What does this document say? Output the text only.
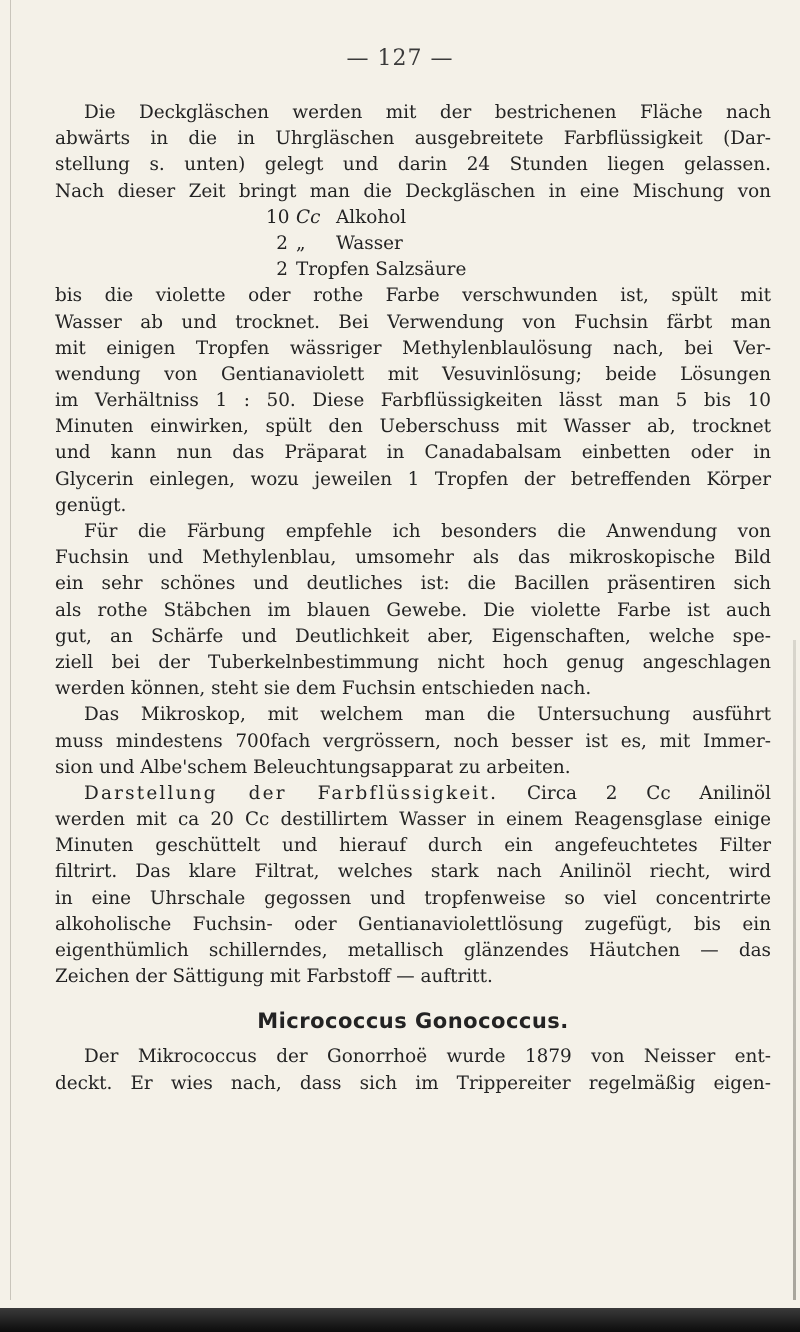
— 127 —
Die Deckgläschen werden mit der bestrichenen Fläche nach
abwärts in die in Uhrgläschen ausgebreitete Farbflüssigkeit (Dar-
stellung s. unten) gelegt und darin 24 Stunden liegen gelassen.
Nach dieser Zeit bringt man die Deckgläschen in eine Mischung von
10 Cc Alkohol
2 „ Wasser
2 Tropfen Salzsäure
bis die violette oder rothe Farbe verschwunden ist, spült mit
Wasser ab und trocknet. Bei Verwendung von Fuchsin färbt man
mit einigen Tropfen wässriger Methylenblaulösung nach, bei Ver-
wendung von Gentianaviolett mit Vesuvinlösung; beide Lösungen
im Verhältniss 1 : 50. Diese Farbflüssigkeiten lässt man 5 bis 10
Minuten einwirken, spült den Ueberschuss mit Wasser ab, trocknet
und kann nun das Präparat in Canadabalsam einbetten oder in
Glycerin einlegen, wozu jeweilen 1 Tropfen der betreffenden Körper
genügt.
Für die Färbung empfehle ich besonders die Anwendung von
Fuchsin und Methylenblau, umsomehr als das mikroskopische Bild
ein sehr schönes und deutliches ist: die Bacillen präsentiren sich
als rothe Stäbchen im blauen Gewebe. Die violette Farbe ist auch
gut, an Schärfe und Deutlichkeit aber, Eigenschaften, welche spe-
ziell bei der Tuberkelnbestimmung nicht hoch genug angeschlagen
werden können, steht sie dem Fuchsin entschieden nach.
Das Mikroskop, mit welchem man die Untersuchung ausführt
muss mindestens 700fach vergrössern, noch besser ist es, mit Immer-
sion und Albe'schem Beleuchtungsapparat zu arbeiten.
Darstellung der Farbflüssigkeit. Circa 2 Cc Anilinöl
werden mit ca 20 Cc destillirtem Wasser in einem Reagensglase einige
Minuten geschüttelt und hierauf durch ein angefeuchtetes Filter
filtrirt. Das klare Filtrat, welches stark nach Anilinöl riecht, wird
in eine Uhrschale gegossen und tropfenweise so viel concentrirte
alkoholische Fuchsin- oder Gentianaviolettlösung zugefügt, bis ein
eigenthümlich schillerndes, metallisch glänzendes Häutchen — das
Zeichen der Sättigung mit Farbstoff — auftritt.
Micrococcus Gonococcus.
Der Mikrococcus der Gonorrhoë wurde 1879 von Neisser ent-
deckt. Er wies nach, dass sich im Trippereiter regelmäßig eigen-
